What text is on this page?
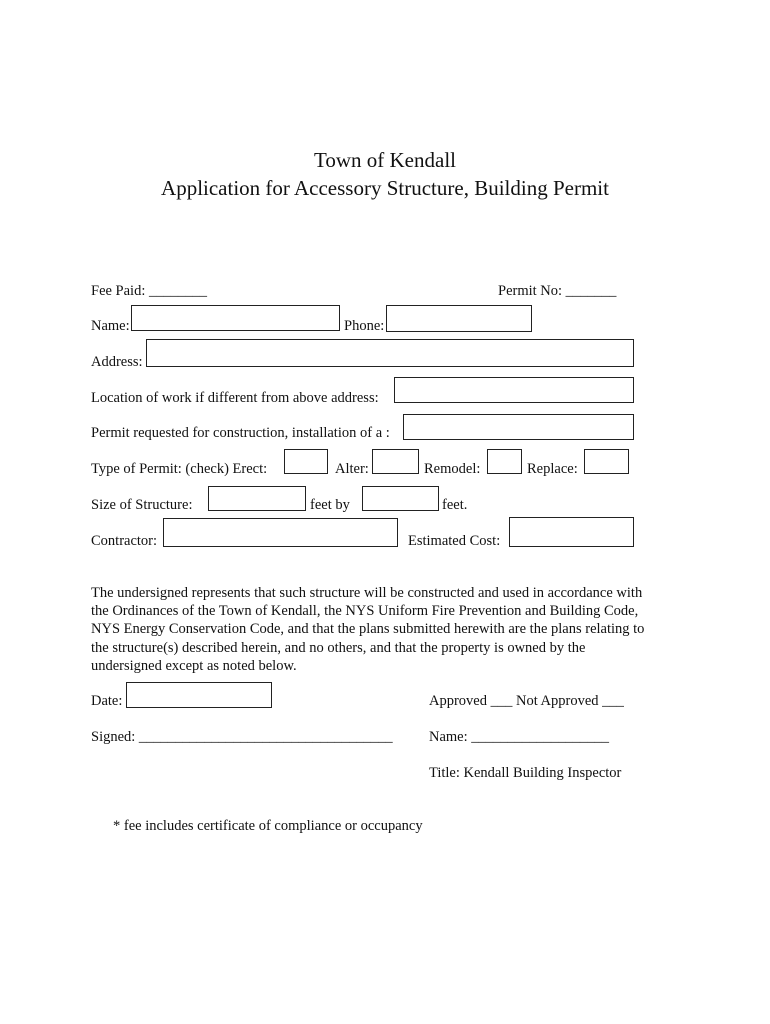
Town of Kendall
Application for Accessory Structure, Building Permit
Fee Paid: ________	Permit No: _______
Name:	Phone:
Address:
Location of work if different from above address:
Permit requested for construction, installation of a :
Type of Permit: (check) Erect:	Alter:	Remodel:	Replace:
Size of Structure:	feet by	feet.
Contractor:	Estimated Cost:
The undersigned represents that such structure will be constructed and used in accordance with
the Ordinances of the Town of Kendall, the NYS Uniform Fire Prevention and Building Code,
NYS Energy Conservation Code, and that the plans submitted herewith are the plans relating to
the structure(s) described herein, and no others, and that the property is owned by the
undersigned except as noted below.
Date:	Approved ___ Not Approved ___
Signed: ___________________________________	Name: ___________________
Title: Kendall Building Inspector
* fee includes certificate of compliance or occupancy
